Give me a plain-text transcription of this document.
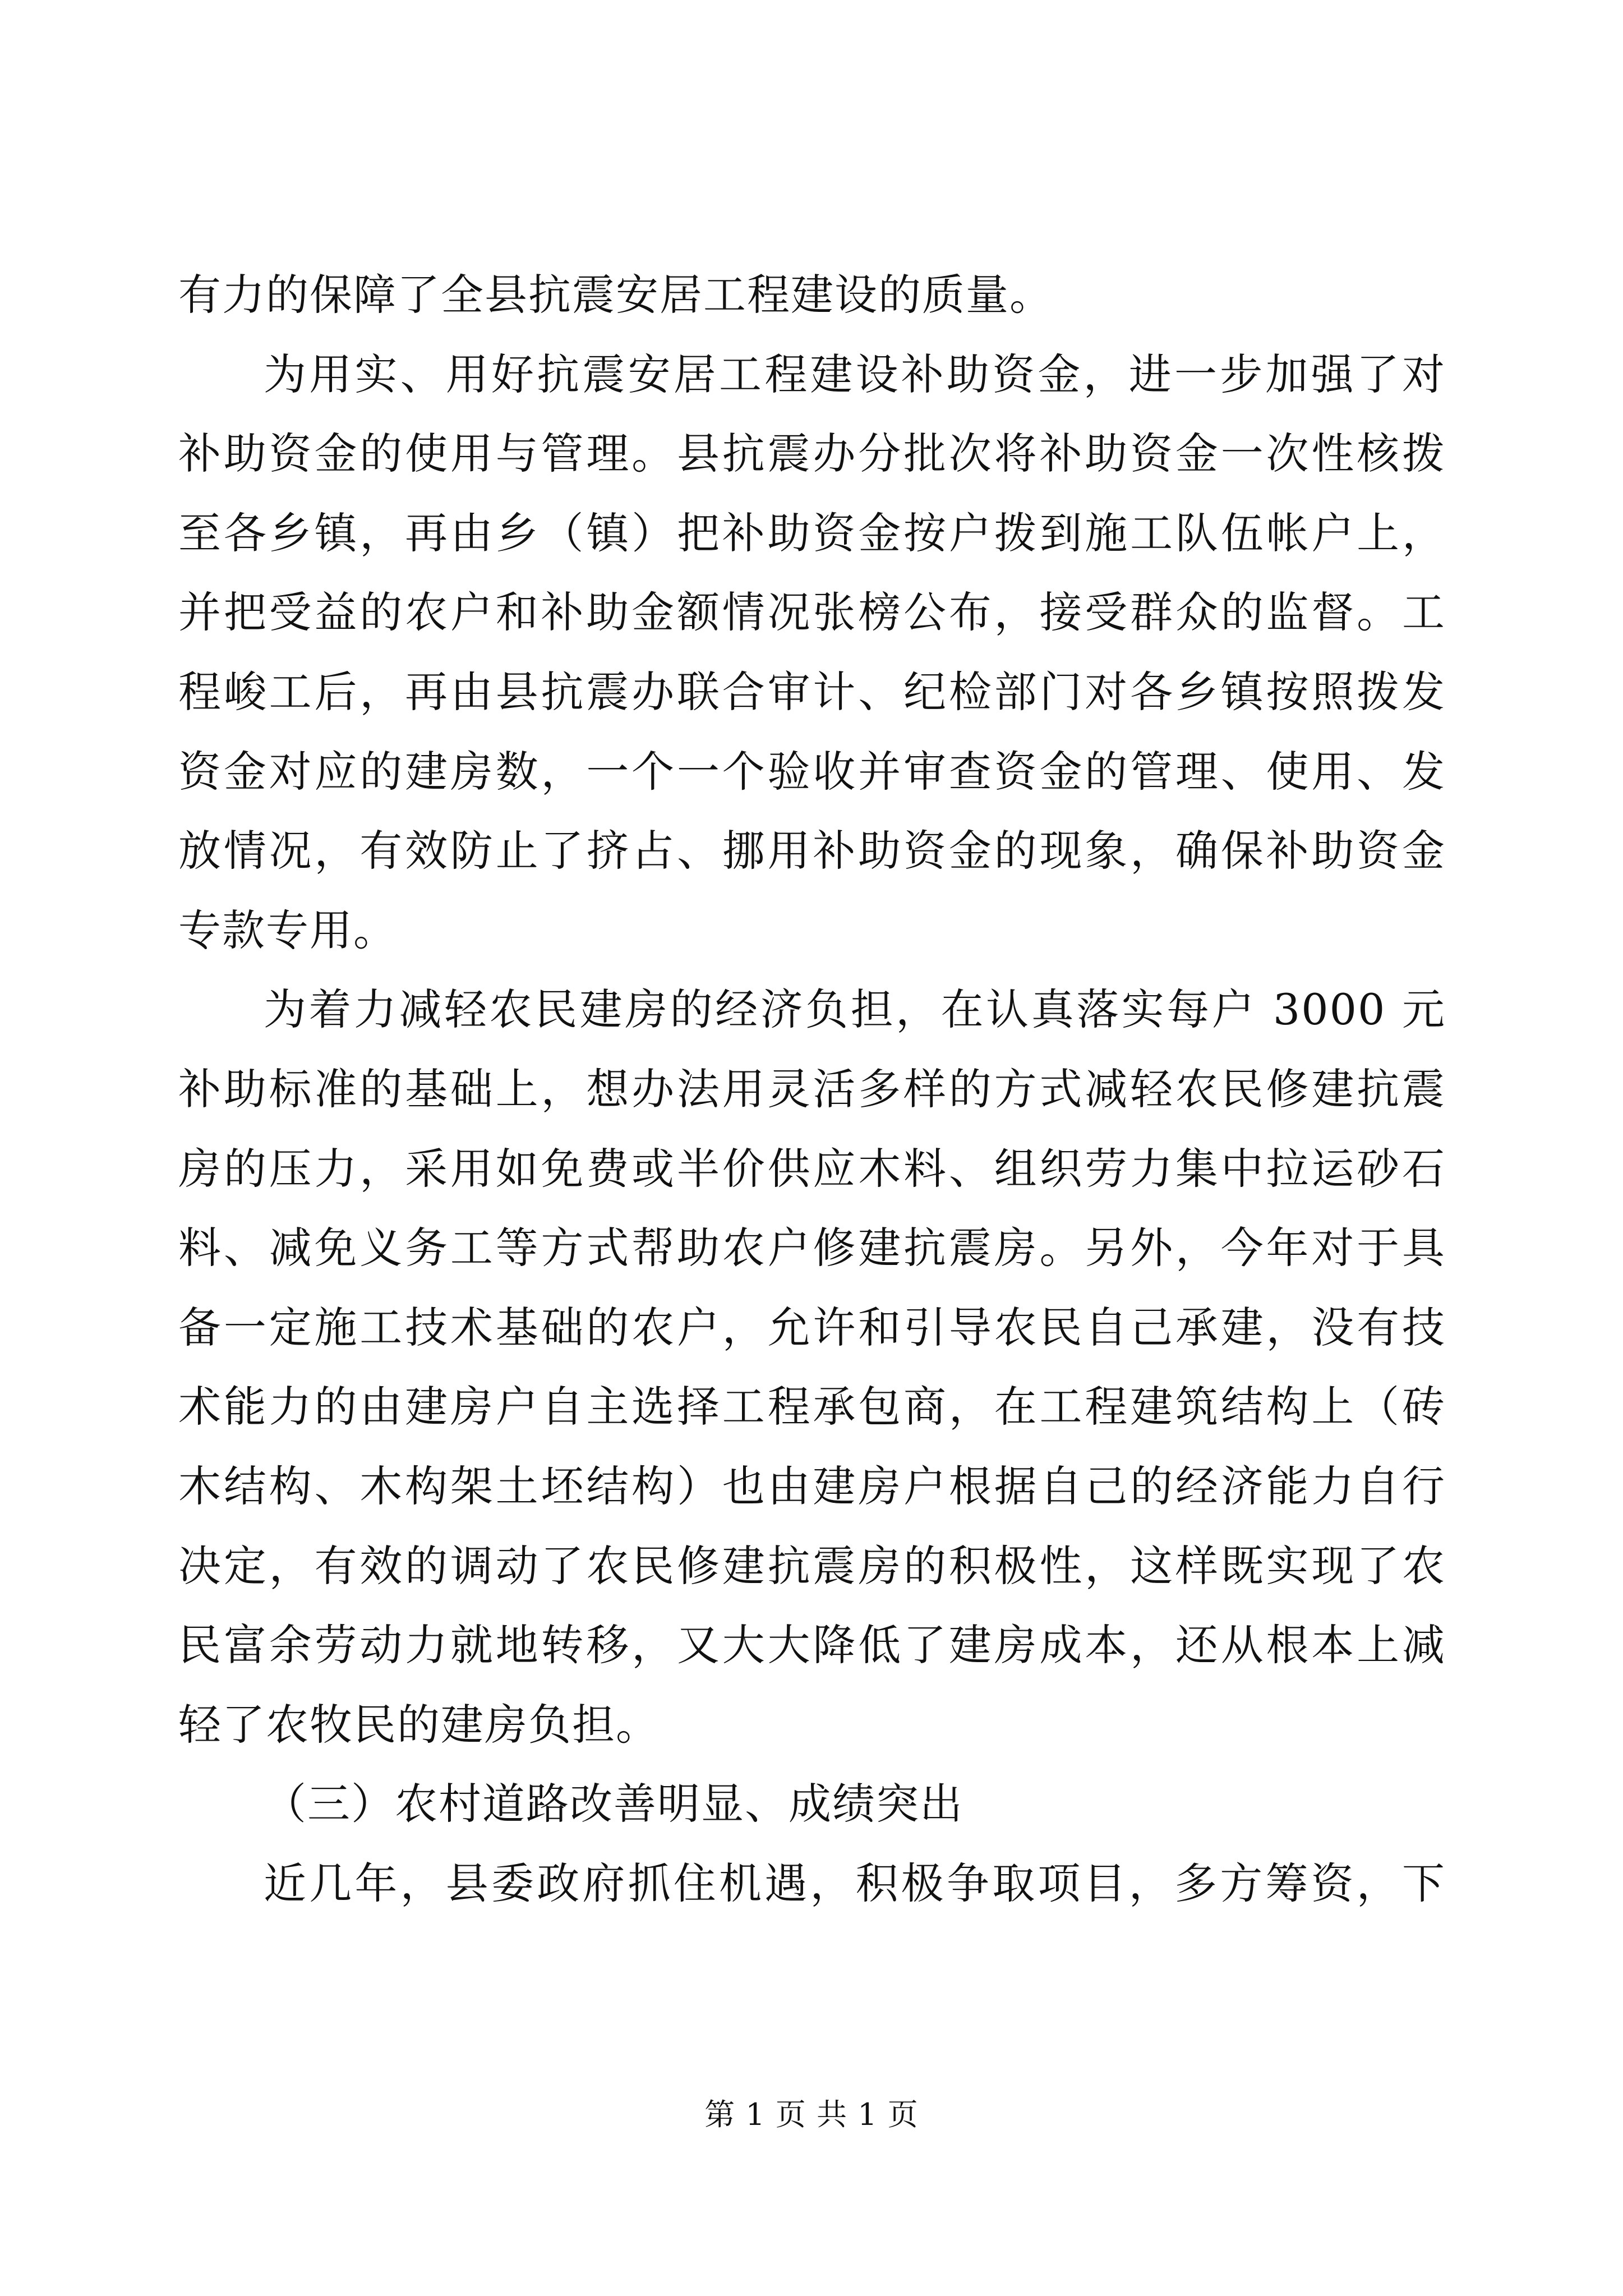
有力的保障了全县抗震安居工程建设的质量。
为用实、用好抗震安居工程建设补助资金，进一步加强了对
补助资金的使用与管理。县抗震办分批次将补助资金一次性核拨
至各乡镇，再由乡（镇）把补助资金按户拨到施工队伍帐户上，
并把受益的农户和补助金额情况张榜公布，接受群众的监督。工
程峻工后，再由县抗震办联合审计、纪检部门对各乡镇按照拨发
资金对应的建房数，一个一个验收并审查资金的管理、使用、发
放情况，有效防止了挤占、挪用补助资金的现象，确保补助资金
专款专用。
为着力减轻农民建房的经济负担，在认真落实每户 3000 元
补助标准的基础上，想办法用灵活多样的方式减轻农民修建抗震
房的压力，采用如免费或半价供应木料、组织劳力集中拉运砂石
料、减免义务工等方式帮助农户修建抗震房。另外，今年对于具
备一定施工技术基础的农户，允许和引导农民自己承建，没有技
术能力的由建房户自主选择工程承包商，在工程建筑结构上（砖
木结构、木构架土坯结构）也由建房户根据自己的经济能力自行
决定，有效的调动了农民修建抗震房的积极性，这样既实现了农
民富余劳动力就地转移，又大大降低了建房成本，还从根本上减
轻了农牧民的建房负担。
（三）农村道路改善明显、成绩突出
近几年，县委政府抓住机遇，积极争取项目，多方筹资，下
第 1 页 共 1 页
